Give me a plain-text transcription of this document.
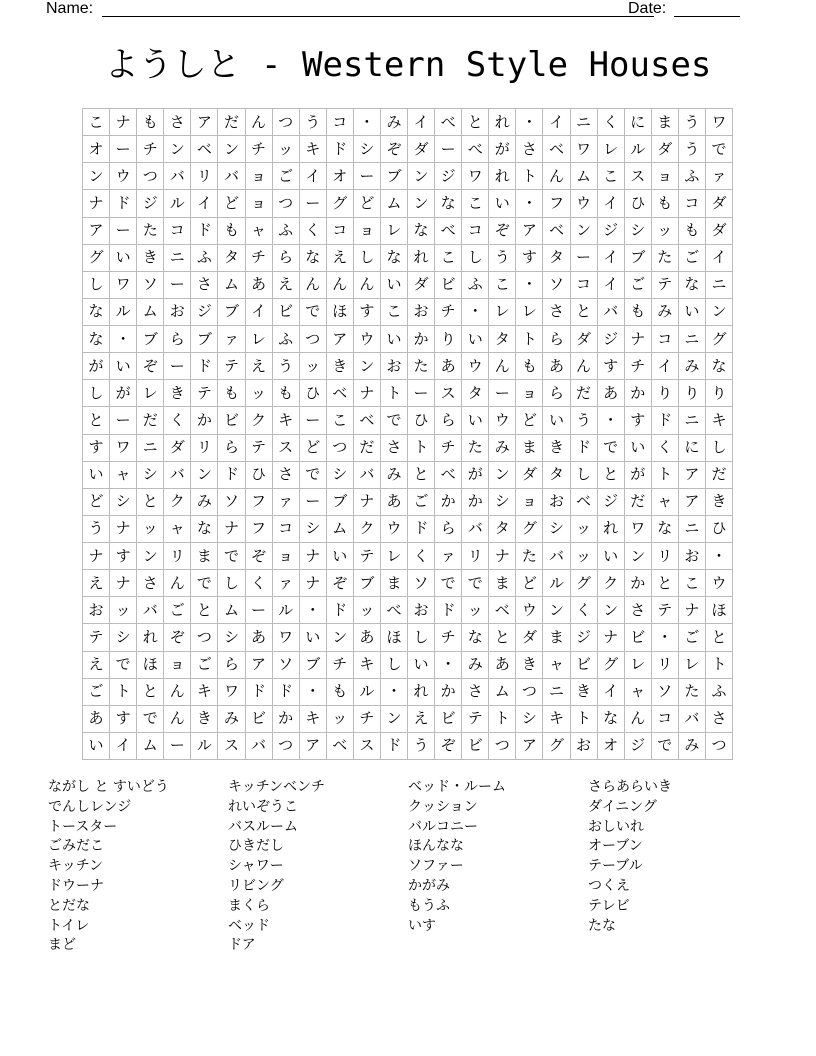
Name:	Date:
ようしと - Western Style Houses
こ ナ も さ ア だ ん つ う コ ・ み イ べ と れ ・ イ ニ く に ま う ワ
オ ー チ ン ベ ン チ ッ キ ド シ ぞ ダ ー べ が さ ベ ワ レ ル ダ う で
ン ウ つ バ リ バ ョ ご イ オ ー ブ ン ジ ワ れ ト ん ム こ ス ョ ふ ァ
ナ ド ジ ル イ ど ョ つ ー グ ど ム ン な こ い ・ フ ウ イ ひ も コ ダ
ア ー た コ ド も ャ ふ く コ ョ レ な べ コ ぞ ア ベ ン ジ シ ッ も ダ
グ い き ニ ふ タ チ ら な え し な れ こ し う す タ ー イ ブ た ご イ
し ワ ソ ー さ ム あ え ん ん ん い ダ ビ ふ こ ・ ソ コ イ ご テ な ニ
な ル ム お ジ ブ イ ビ で ほ す こ お チ ・ レ レ さ と バ も み い ン
な ・ ブ ら ブ ァ レ ふ つ ア ウ い か り い タ ト ら ダ ジ ナ コ ニ グ
が い ぞ ー ド テ え う ッ き ン お た あ ウ ん も あ ん す チ イ み な
し が レ き テ も ッ も ひ ベ ナ ト ー ス タ ー ョ ら だ あ か り り り
と ー だ く か ビ ク キ ー こ ベ で ひ ら い ウ ど い う ・ す ド ニ キ
す ワ ニ ダ リ ら テ ス ど つ だ さ ト チ た み ま き ド で い く に し
い ャ シ バ ン ド ひ さ で シ バ み と べ が ン ダ タ し と が ト ア だ
ど シ と ク み ソ フ ァ ー ブ ナ あ ご か か シ ョ お ベ ジ だ ャ ア き
う ナ ッ ャ な ナ フ コ シ ム ク ウ ド ら バ タ グ シ ッ れ ワ な ニ ひ
ナ す ン リ ま で ぞ ョ ナ い テ レ く ァ リ ナ た バ ッ い ン リ お ・
え ナ さ ん で し く ァ ナ ぞ ブ ま ソ で で ま ど ル グ ク か と こ ウ
お ッ バ ご と ム ー ル ・ ド ッ べ お ド ッ ベ ウ ン く ン さ テ ナ ほ
テ シ れ ぞ つ シ あ ワ い ン あ ほ し チ な と ダ ま ジ ナ ビ ・ ご と
え で ほ ョ ご ら ア ソ ブ チ キ し い ・ み あ き ャ ビ グ レ リ レ ト
ご ト と ん キ ワ ド ド ・ も ル ・ れ か さ ム つ ニ き イ ャ ソ た ふ
あ す で ん き み ビ か キ ッ チ ン え ビ テ ト シ キ ト な ん コ バ さ
い イ ム ー ル ス バ つ ア ベ ス ド う ぞ ビ つ ア グ お オ ジ で み つ
ながし と すいどう
でんしレンジ
トースター
ごみだこ
キッチン
ドウーナ
とだな
トイレ
まど
キッチンベンチ
れいぞうこ
バスルーム
ひきだし
シャワー
リビング
まくら
ベッド
ドア
ベッド・ルーム
クッション
バルコニー
ほんなな
ソファー
かがみ
もうふ
いす
さらあらいき
ダイニング
おしいれ
オーブン
テーブル
つくえ
テレビ
たな
